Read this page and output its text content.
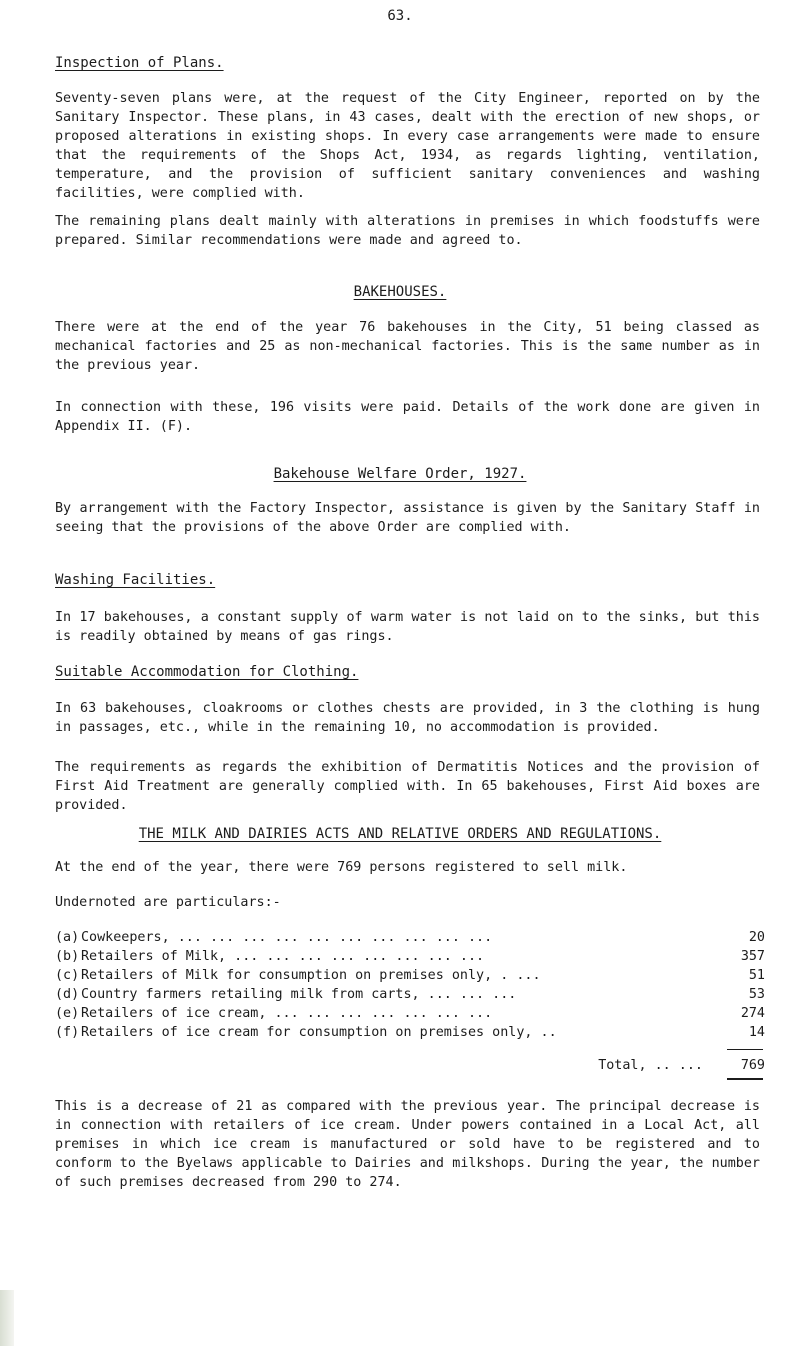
63.
Inspection of Plans.

Seventy-seven plans were, at the request of the City Engineer, reported on by the Sanitary Inspector. These plans, in 43 cases, dealt with the erection of new shops, or proposed alterations in existing shops. In every case arrangements were made to ensure that the requirements of the Shops Act, 1934, as regards lighting, ventilation, temperature, and the provision of sufficient sanitary conveniences and washing facilities, were complied with.

The remaining plans dealt mainly with alterations in premises in which foodstuffs were prepared. Similar recommendations were made and agreed to.

BAKEHOUSES.

There were at the end of the year 76 bakehouses in the City, 51 being classed as mechanical factories and 25 as non-mechanical factories. This is the same number as in the previous year.

In connection with these, 196 visits were paid. Details of the work done are given in Appendix II. (F).

Bakehouse Welfare Order, 1927.

By arrangement with the Factory Inspector, assistance is given by the Sanitary Staff in seeing that the provisions of the above Order are complied with.

Washing Facilities.

In 17 bakehouses, a constant supply of warm water is not laid on to the sinks, but this is readily obtained by means of gas rings.

Suitable Accommodation for Clothing.

In 63 bakehouses, cloakrooms or clothes chests are provided, in 3 the clothing is hung in passages, etc., while in the remaining 10, no accommodation is provided.

The requirements as regards the exhibition of Dermatitis Notices and the provision of First Aid Treatment are generally complied with. In 65 bakehouses, First Aid boxes are provided.

THE MILK AND DAIRIES ACTS AND RELATIVE ORDERS AND REGULATIONS.

At the end of the year, there were 769 persons registered to sell milk.

Undernoted are particulars:-

(a) Cowkeepers, ... ... ... ... ... ... ... ... ... ...	20
(b) Retailers of Milk, ... ... ... ... ... ... ... ...	357
(c) Retailers of Milk for consumption on premises only, . ...	51
(d) Country farmers retailing milk from carts, ... ... ...	53
(e) Retailers of ice cream, ... ... ... ... ... ... ...	274
(f) Retailers of ice cream for consumption on premises only, ..	14
Total, .. ...	769

This is a decrease of 21 as compared with the previous year. The principal decrease is in connection with retailers of ice cream. Under powers contained in a Local Act, all premises in which ice cream is manufactured or sold have to be registered and to conform to the Byelaws applicable to Dairies and milkshops. During the year, the number of such premises decreased from 290 to 274.
